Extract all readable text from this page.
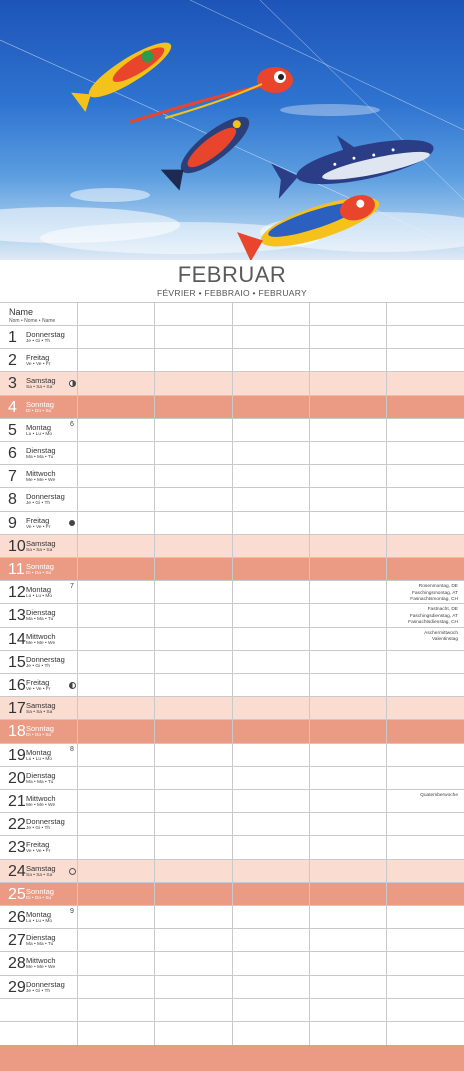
FEBRUAR
FÉVRIER • FEBBRAIO • FEBRUARY
Name
Nom • Nome • Name
1 Donnerstag
Je • Gi • Th
2 Freitag
Ve • Ve • Fr
3 Samstag
Sa • Sa • Sa
4 Sonntag
Di • Do • Su
5 Montag
Lu • Lu • Mo
6
6 Dienstag
Ma • Ma • Tu
7 Mittwoch
Me • Me • We
8 Donnerstag
Je • Gi • Th
9 Freitag
Ve • Ve • Fr
10 Samstag
Sa • Sa • Sa
11 Sonntag
Di • Do • Su
12 Montag
Lu • Lu • Mo
7	Rosenmontag, DE
Faschingsmontag, AT
Fasnachtsmontag, CH
13 Dienstag
Ma • Ma • Tu
Fastnacht, DE
Faschingsdienstag, AT
Fasnachtsdienstag, CH
14 Mittwoch
Me • Me • We
Aschermittwoch
Valentinstag
15 Donnerstag
Je • Gi • Th
16 Freitag
Ve • Ve • Fr
17 Samstag
Sa • Sa • Sa
18 Sonntag
Di • Do • Su
19 Montag
Lu • Lu • Mo
8
20 Dienstag
Ma • Ma • Tu
21 Mittwoch
Me • Me • We
Quatemberwoche
22 Donnerstag
Je • Gi • Th
23 Freitag
Ve • Ve • Fr
24 Samstag
Sa • Sa • Sa
25 Sonntag
Di • Do • Su
26 Montag
Lu • Lu • Mo
9
27 Dienstag
Ma • Ma • Tu
28 Mittwoch
Me • Me • We
29 Donnerstag
Je • Gi • Th
